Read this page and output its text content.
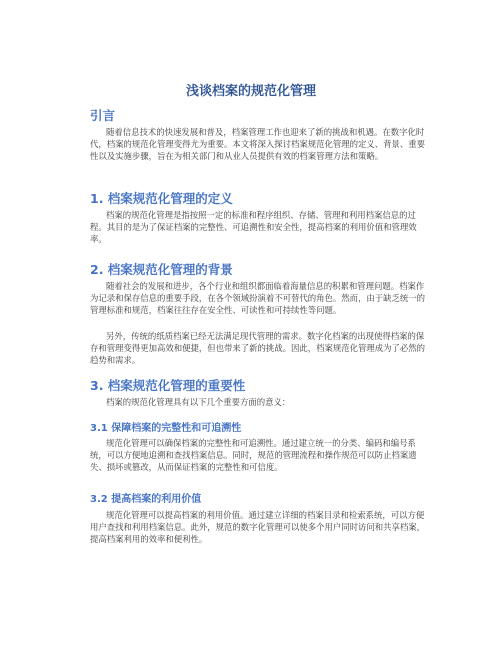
浅谈档案的规范化管理
引言

随着信息技术的快速发展和普及，档案管理工作也迎来了新的挑战和机遇。在数字化时代，档案的规范化管理变得尤为重要。本文将深入探讨档案规范化管理的定义、背景、重要性以及实施步骤，旨在为相关部门和从业人员提供有效的档案管理方法和策略。

1. 档案规范化管理的定义

档案的规范化管理是指按照一定的标准和程序组织、存储、管理和利用档案信息的过程。其目的是为了保证档案的完整性、可追溯性和安全性，提高档案的利用价值和管理效率。

2. 档案规范化管理的背景

随着社会的发展和进步，各个行业和组织都面临着海量信息的积累和管理问题。档案作为记录和保存信息的重要手段，在各个领域扮演着不可替代的角色。然而，由于缺乏统一的管理标准和规范，档案往往存在安全性、可读性和可持续性等问题。

另外，传统的纸质档案已经无法满足现代管理的需求。数字化档案的出现使得档案的保存和管理变得更加高效和便捷，但也带来了新的挑战。因此，档案规范化管理成为了必然的趋势和需求。

3. 档案规范化管理的重要性

档案的规范化管理具有以下几个重要方面的意义：

3.1 保障档案的完整性和可追溯性

规范化管理可以确保档案的完整性和可追溯性。通过建立统一的分类、编码和编号系统，可以方便地追溯和查找档案信息。同时，规范的管理流程和操作规范可以防止档案遗失、损坏或篡改，从而保证档案的完整性和可信度。

3.2 提高档案的利用价值

规范化管理可以提高档案的利用价值。通过建立详细的档案目录和检索系统，可以方便用户查找和利用档案信息。此外，规范的数字化管理可以使多个用户同时访问和共享档案，提高档案利用的效率和便利性。
